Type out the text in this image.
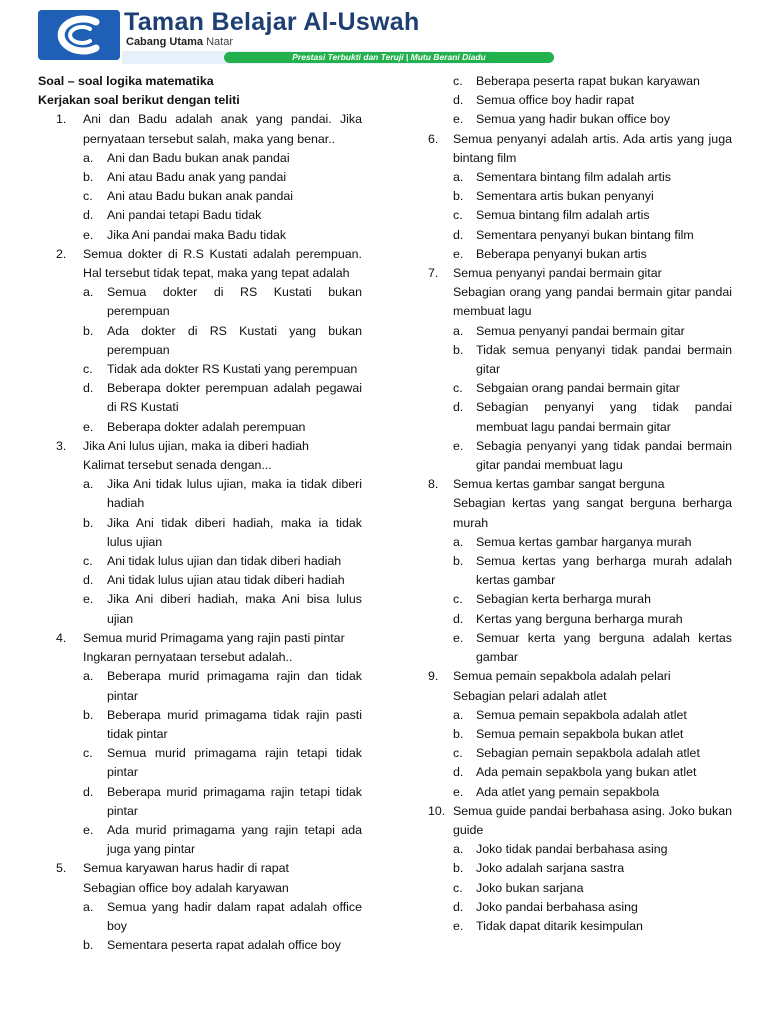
Taman Belajar Al-Uswah
Cabang Utama Natar
Prestasi Terbukti dan Teruji | Mutu Berani Diadu
Soal – soal logika matematika
Kerjakan soal berikut dengan teliti
1. Ani dan Badu adalah anak yang pandai. Jika pernyataan tersebut salah, maka yang benar..
a. Ani dan Badu bukan anak pandai
b. Ani atau Badu anak yang pandai
c. Ani atau Badu bukan anak pandai
d. Ani pandai tetapi Badu tidak
e. Jika Ani pandai maka Badu tidak
2. Semua dokter di R.S Kustati adalah perempuan. Hal tersebut tidak tepat, maka yang tepat adalah
a. Semua dokter di RS Kustati bukan perempuan
b. Ada dokter di RS Kustati yang bukan perempuan
c. Tidak ada dokter RS Kustati yang perempuan
d. Beberapa dokter perempuan adalah pegawai di RS Kustati
e. Beberapa dokter adalah perempuan
3. Jika Ani lulus ujian, maka ia diberi hadiah
Kalimat tersebut senada dengan...
a. Jika Ani tidak lulus ujian, maka ia tidak diberi hadiah
b. Jika Ani tidak diberi hadiah, maka ia tidak lulus ujian
c. Ani tidak lulus ujian dan tidak diberi hadiah
d. Ani tidak lulus ujian atau tidak diberi hadiah
e. Jika Ani diberi hadiah, maka Ani bisa lulus ujian
4. Semua murid Primagama yang rajin pasti pintar
Ingkaran pernyataan tersebut adalah..
a. Beberapa murid primagama rajin dan tidak pintar
b. Beberapa murid primagama tidak rajin pasti tidak pintar
c. Semua murid primagama rajin tetapi tidak pintar
d. Beberapa murid primagama rajin tetapi tidak pintar
e. Ada murid primagama yang rajin tetapi ada juga yang pintar
5. Semua karyawan harus hadir di rapat
Sebagian office boy adalah karyawan
a. Semua yang hadir dalam rapat adalah office boy
b. Sementara peserta rapat adalah office boy
c. Beberapa peserta rapat bukan karyawan
d. Semua office boy hadir rapat
e. Semua yang hadir bukan office boy
6. Semua penyanyi adalah artis. Ada artis yang juga bintang film
a. Sementara bintang film adalah artis
b. Sementara artis bukan penyanyi
c. Semua bintang film adalah artis
d. Sementara penyanyi bukan bintang film
e. Beberapa penyanyi bukan artis
7. Semua penyanyi pandai bermain gitar
Sebagian orang yang pandai bermain gitar pandai membuat lagu
a. Semua penyanyi pandai bermain gitar
b. Tidak semua penyanyi tidak pandai bermain gitar
c. Sebgaian orang pandai bermain gitar
d. Sebagian penyanyi yang tidak pandai membuat lagu pandai bermain gitar
e. Sebagia penyanyi yang tidak pandai bermain gitar pandai membuat lagu
8. Semua kertas gambar sangat berguna
Sebagian kertas yang sangat berguna berharga murah
a. Semua kertas gambar harganya murah
b. Semua kertas yang berharga murah adalah kertas gambar
c. Sebagian kerta berharga murah
d. Kertas yang berguna berharga murah
e. Semuar kerta yang berguna adalah kertas gambar
9. Semua pemain sepakbola adalah pelari
Sebagian pelari adalah atlet
a. Semua pemain sepakbola adalah atlet
b. Semua pemain sepakbola bukan atlet
c. Sebagian pemain sepakbola adalah atlet
d. Ada pemain sepakbola yang bukan atlet
e. Ada atlet yang pemain sepakbola
10. Semua guide pandai berbahasa asing. Joko bukan guide
a. Joko tidak pandai berbahasa asing
b. Joko adalah sarjana sastra
c. Joko bukan sarjana
d. Joko pandai berbahasa asing
e. Tidak dapat ditarik kesimpulan
